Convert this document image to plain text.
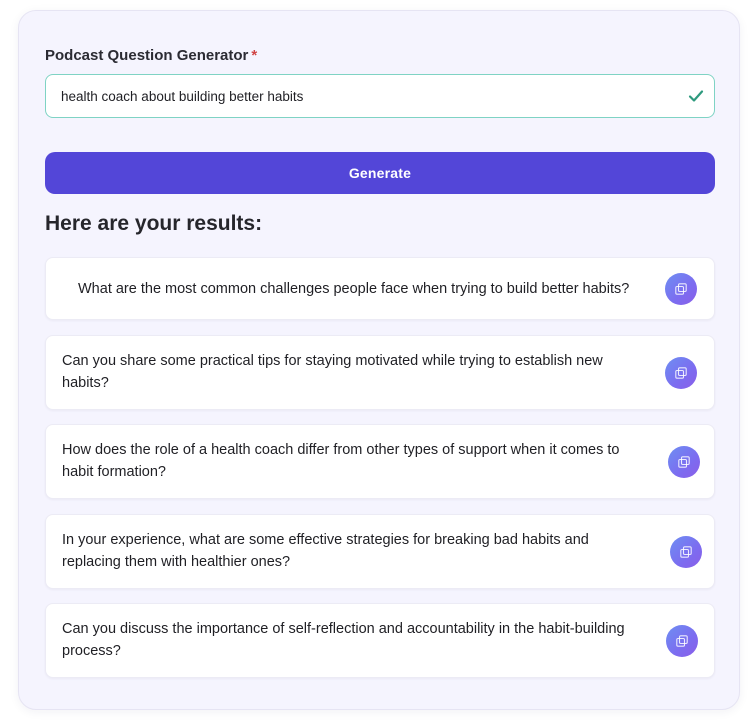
Podcast Question Generator *
health coach about building better habits
Generate
Here are your results:
What are the most common challenges people face when trying to build better habits?
Can you share some practical tips for staying motivated while trying to establish new habits?
How does the role of a health coach differ from other types of support when it comes to habit formation?
In your experience, what are some effective strategies for breaking bad habits and replacing them with healthier ones?
Can you discuss the importance of self-reflection and accountability in the habit-building process?
